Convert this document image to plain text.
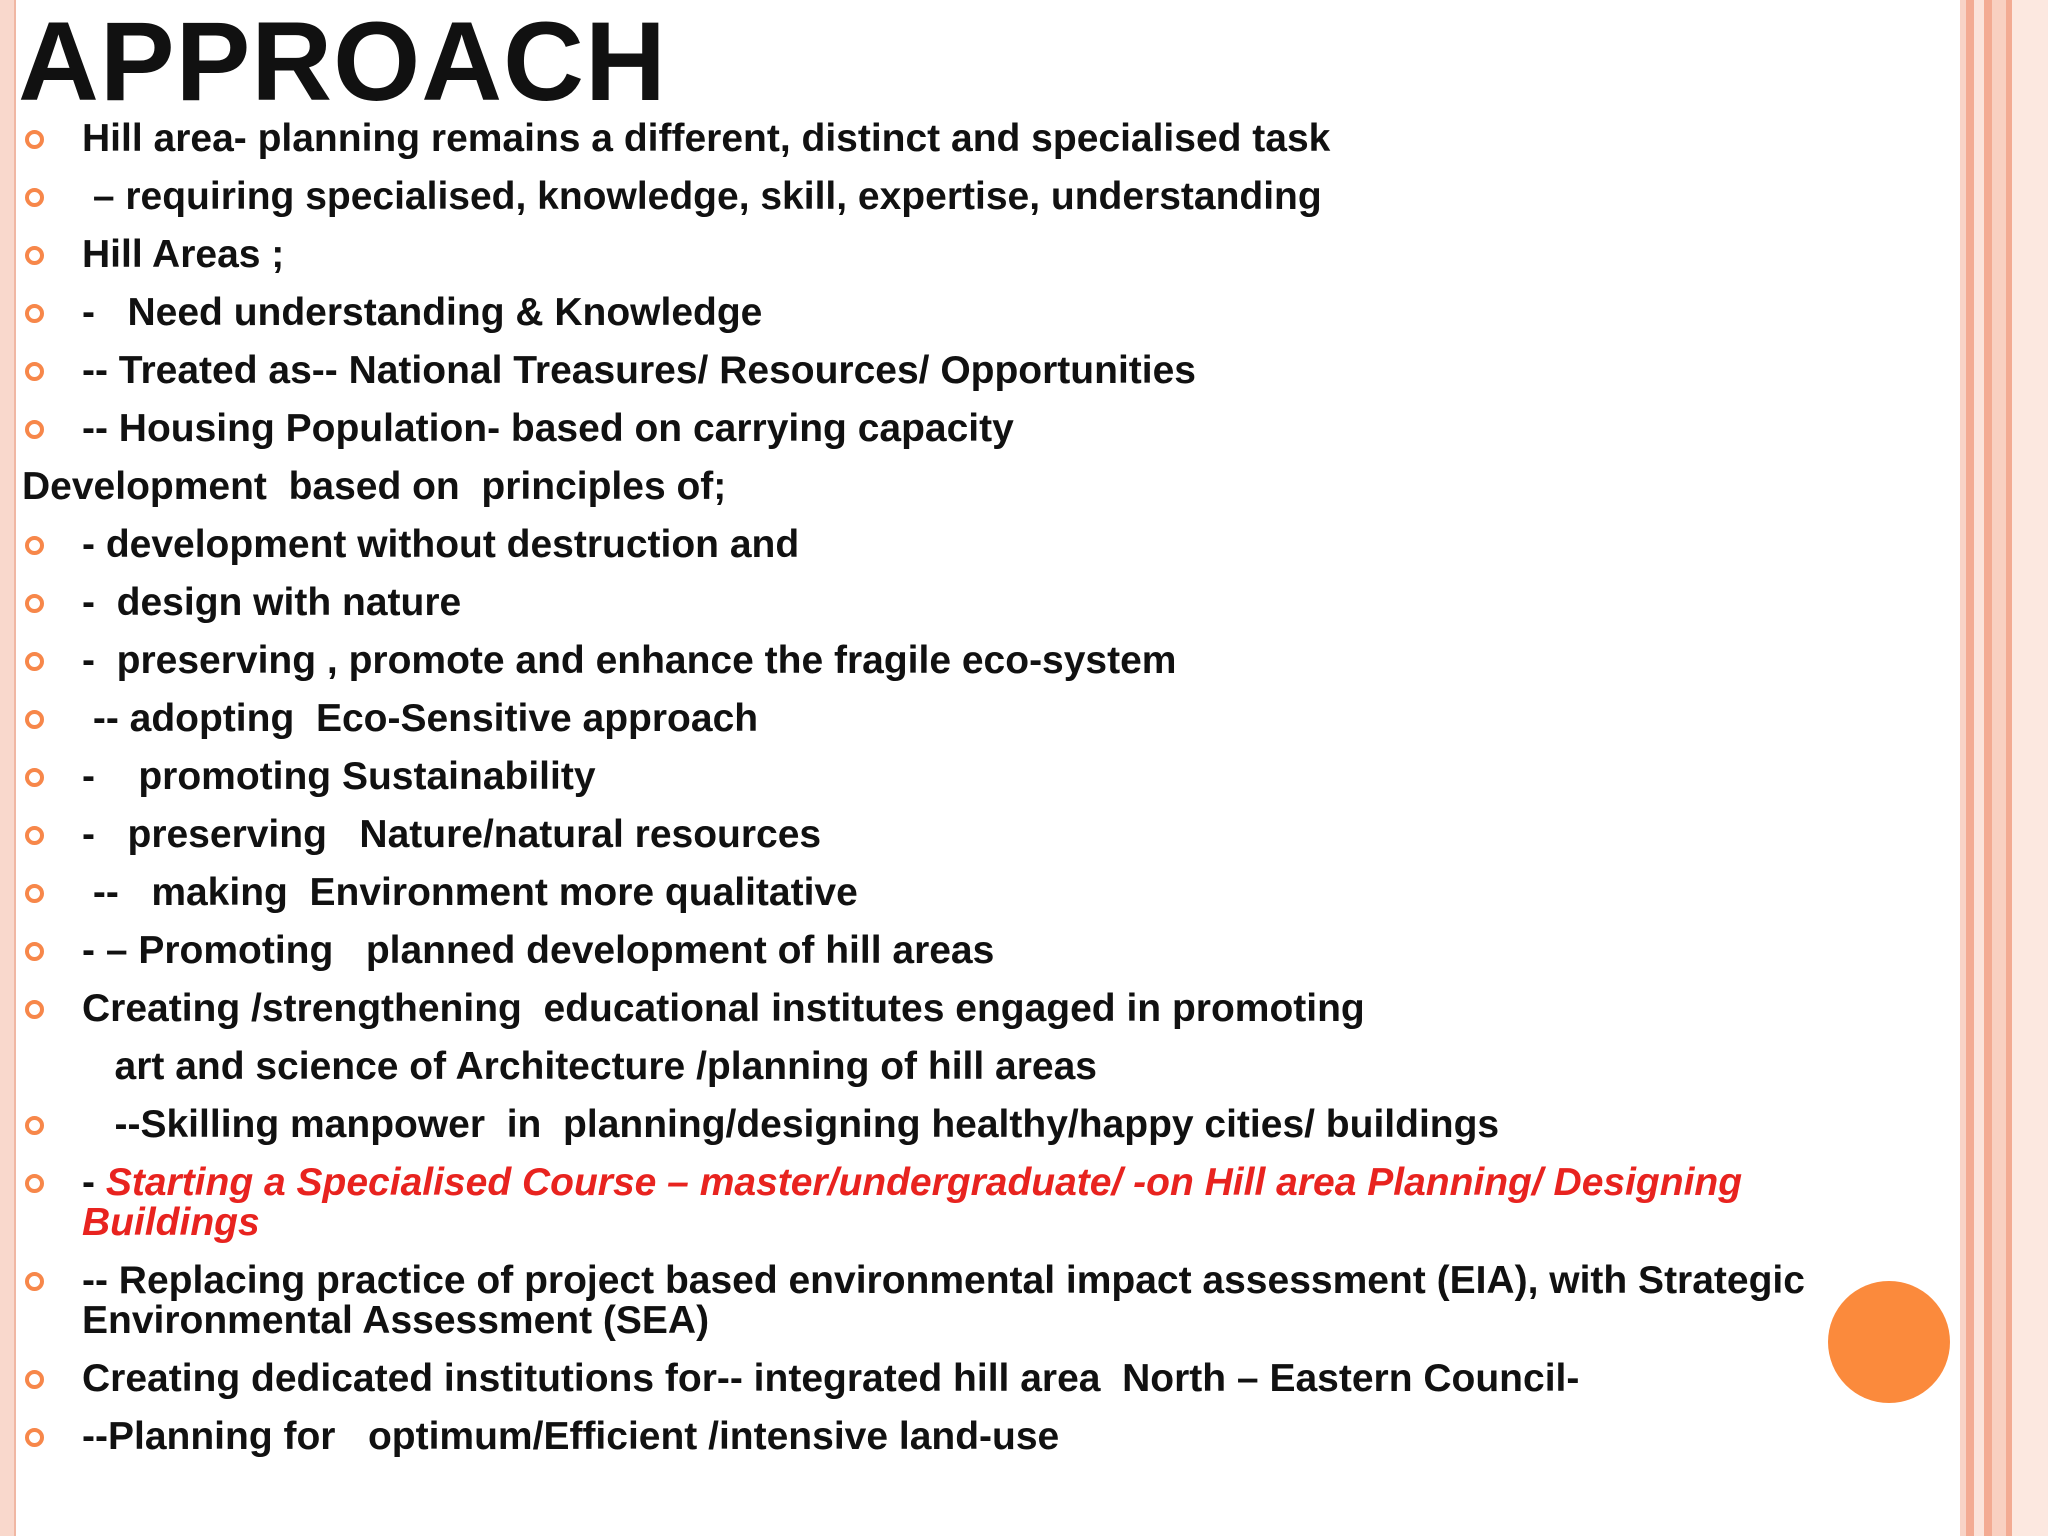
APPROACH
Hill area- planning remains a different, distinct and specialised task
– requiring specialised, knowledge, skill, expertise, understanding
Hill Areas ;
-   Need understanding & Knowledge
-- Treated as-- National Treasures/ Resources/ Opportunities
-- Housing Population- based on carrying capacity
Development  based on  principles of;
- development without destruction and
-  design with nature
-  preserving , promote and enhance the fragile eco-system
-- adopting  Eco-Sensitive approach
-    promoting Sustainability
-   preserving   Nature/natural resources
--   making  Environment more qualitative
- – Promoting   planned development of hill areas
Creating /strengthening  educational institutes engaged in promoting
art and science of Architecture /planning of hill areas
--Skilling manpower  in  planning/designing healthy/happy cities/ buildings
- Starting a Specialised Course – master/undergraduate/ -on Hill area Planning/ Designing Buildings
-- Replacing practice of project based environmental impact assessment (EIA), with Strategic Environmental Assessment (SEA)
Creating dedicated institutions for-- integrated hill area  North – Eastern Council-
--Planning for   optimum/Efficient /intensive land-use
